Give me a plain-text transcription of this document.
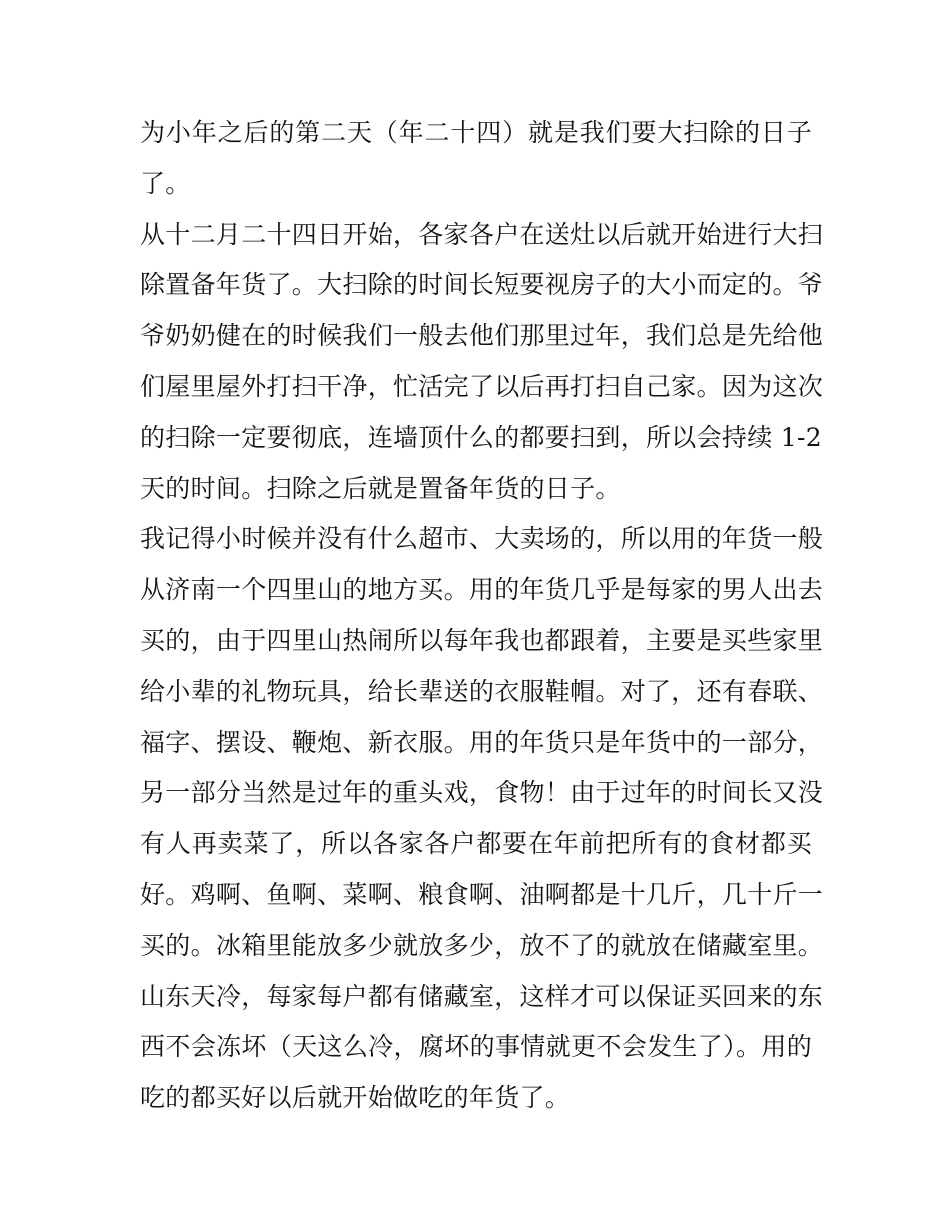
为小年之后的第二天（年二十四）就是我们要大扫除的日子
了。
从十二月二十四日开始，各家各户在送灶以后就开始进行大扫
除置备年货了。大扫除的时间长短要视房子的大小而定的。爷
爷奶奶健在的时候我们一般去他们那里过年，我们总是先给他
们屋里屋外打扫干净，忙活完了以后再打扫自己家。因为这次
的扫除一定要彻底，连墙顶什么的都要扫到，所以会持续 1-2
天的时间。扫除之后就是置备年货的日子。
我记得小时候并没有什么超市、大卖场的，所以用的年货一般
从济南一个四里山的地方买。用的年货几乎是每家的男人出去
买的，由于四里山热闹所以每年我也都跟着，主要是买些家里
给小辈的礼物玩具，给长辈送的衣服鞋帽。对了，还有春联、
福字、摆设、鞭炮、新衣服。用的年货只是年货中的一部分，
另一部分当然是过年的重头戏，食物！由于过年的时间长又没
有人再卖菜了，所以各家各户都要在年前把所有的食材都买
好。鸡啊、鱼啊、菜啊、粮食啊、油啊都是十几斤，几十斤一
买的。冰箱里能放多少就放多少，放不了的就放在储藏室里。
山东天冷，每家每户都有储藏室，这样才可以保证买回来的东
西不会冻坏（天这么冷，腐坏的事情就更不会发生了）。用的
吃的都买好以后就开始做吃的年货了。
